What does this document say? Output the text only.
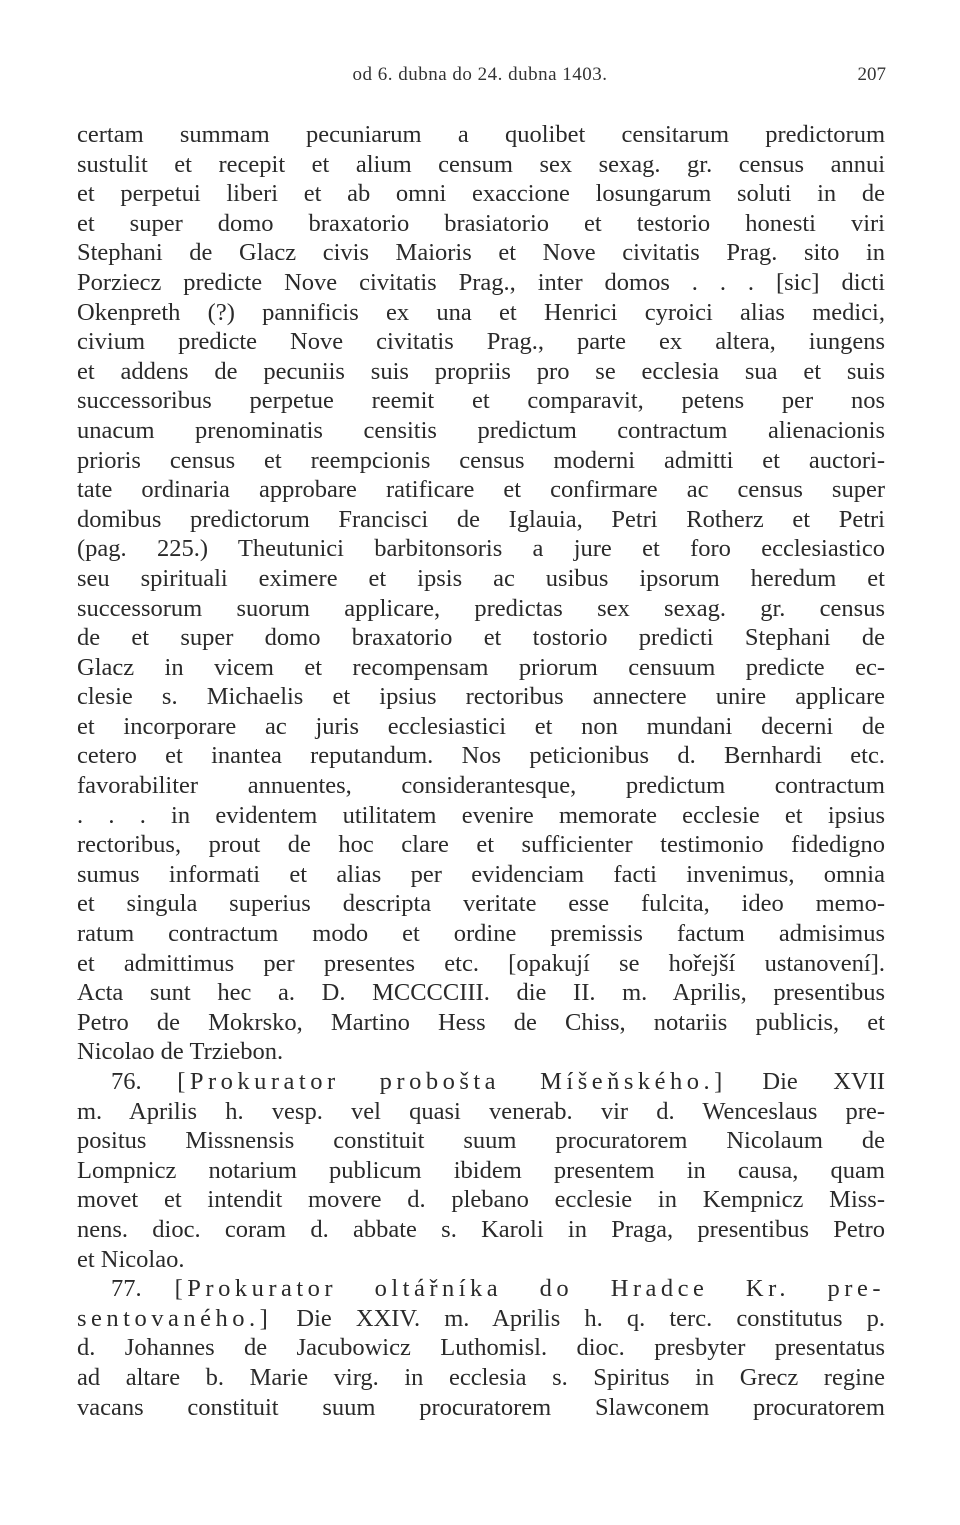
od 6. dubna do 24. dubna 1403.	207
certam summam pecuniarum a quolibet censitarum predictorum
sustulit et recepit et alium censum sex sexag. gr. census annui
et perpetui liberi et ab omni exaccione losungarum soluti in de
et super domo braxatorio brasiatorio et testorio honesti viri
Stephani de Glacz civis Maioris et Nove civitatis Prag. sito in
Porziecz predicte Nove civitatis Prag., inter domos . . . [sic] dicti
Okenpreth (?) pannificis ex una et Henrici cyroici alias medici,
civium predicte Nove civitatis Prag., parte ex altera, iungens
et addens de pecuniis suis propriis pro se ecclesia sua et suis
successoribus perpetue reemit et comparavit, petens per nos
unacum prenominatis censitis predictum contractum alienacionis
prioris census et reempcionis census moderni admitti et auctori-
tate ordinaria approbare ratificare et confirmare ac census super
domibus predictorum Francisci de Iglauia, Petri Rotherz et Petri
(pag. 225.) Theutunici barbitonsoris a jure et foro ecclesiastico
seu spirituali eximere et ipsis ac usibus ipsorum heredum et
successorum suorum applicare, predictas sex sexag. gr. census
de et super domo braxatorio et tostorio predicti Stephani de
Glacz in vicem et recompensam priorum censuum predicte ec-
clesie s. Michaelis et ipsius rectoribus annectere unire applicare
et incorporare ac juris ecclesiastici et non mundani decerni de
cetero et inantea reputandum. Nos peticionibus d. Bernhardi etc.
favorabiliter annuentes, considerantesque, predictum contractum
. . . in evidentem utilitatem evenire memorate ecclesie et ipsius
rectoribus, prout de hoc clare et sufficienter testimonio fidedigno
sumus informati et alias per evidenciam facti invenimus, omnia
et singula superius descripta veritate esse fulcita, ideo memo-
ratum contractum modo et ordine premissis factum admisimus
et admittimus per presentes etc. [opakují se hořejší ustanovení].
Acta sunt hec a. D. MCCCCIII. die II. m. Aprilis, presentibus
Petro de Mokrsko, Martino Hess de Chiss, notariis publicis, et
Nicolao de Trziebon.
76. [Prokurator probošta Míšeňského.] Die XVII
m. Aprilis h. vesp. vel quasi venerab. vir d. Wenceslaus pre-
positus Missnensis constituit suum procuratorem Nicolaum de
Lompnicz notarium publicum ibidem presentem in causa, quam
movet et intendit movere d. plebano ecclesie in Kempnicz Miss-
nens. dioc. coram d. abbate s. Karoli in Praga, presentibus Petro
et Nicolao.
77. [Prokurator oltářníka do Hradce Kr. pre-
sentovaného.] Die XXIV. m. Aprilis h. q. terc. constitutus p.
d. Johannes de Jacubowicz Luthomisl. dioc. presbyter presentatus
ad altare b. Marie virg. in ecclesia s. Spiritus in Grecz regine
vacans constituit suum procuratorem Slawconem procuratorem
